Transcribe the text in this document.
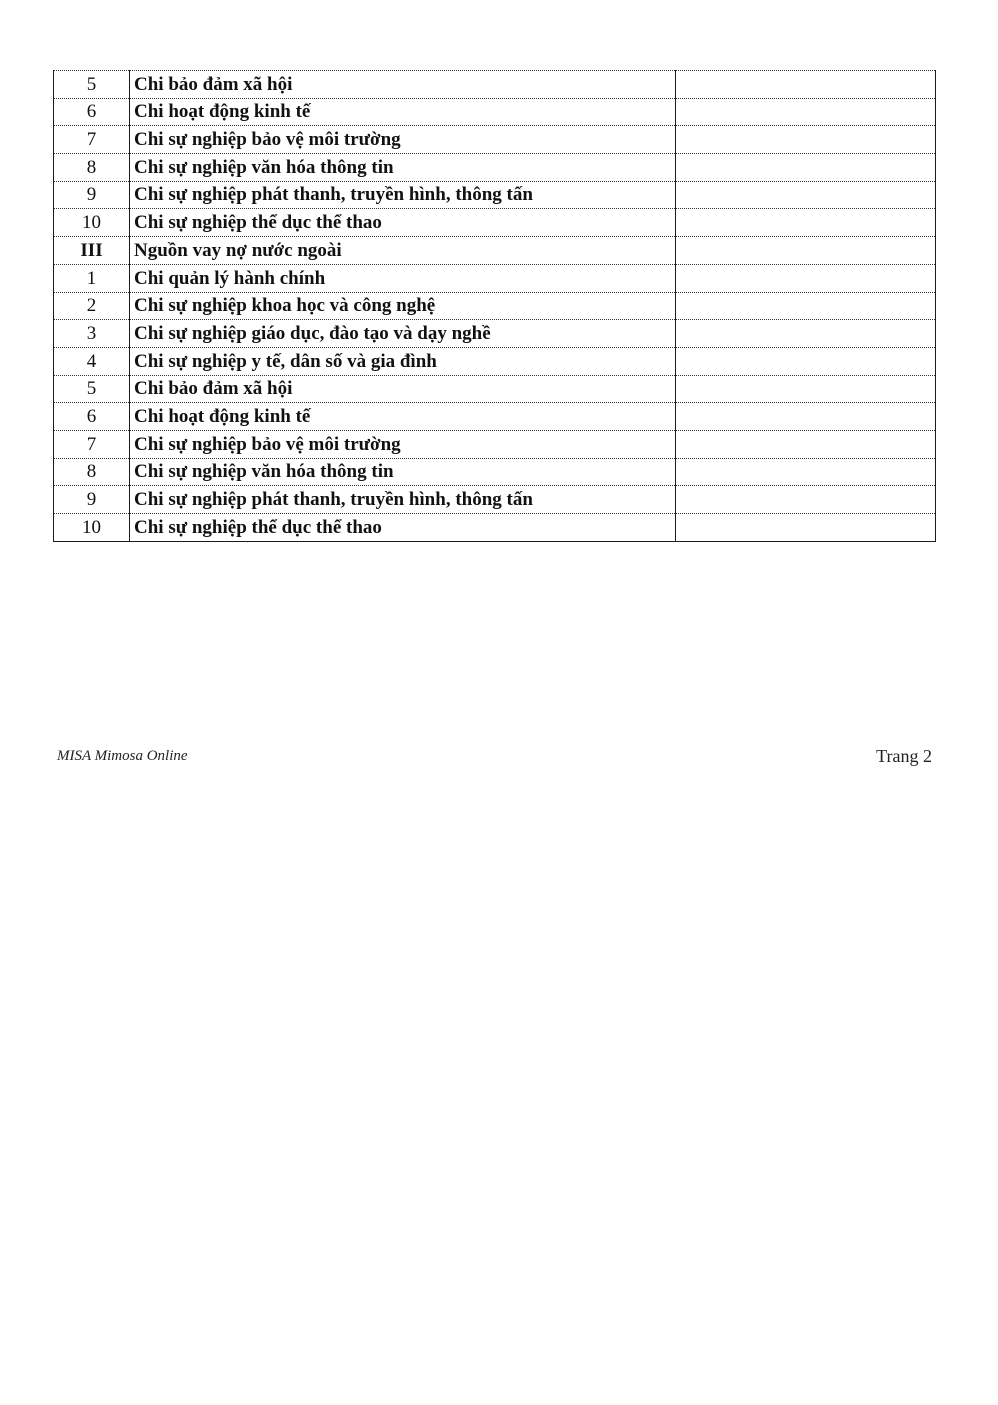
5	Chi bảo đảm xã hội	
6	Chi hoạt động kinh tế	
7	Chi sự nghiệp bảo vệ môi trường	
8	Chi sự nghiệp văn hóa thông tin	
9	Chi sự nghiệp phát thanh, truyền hình, thông tấn	
10	Chi sự nghiệp thể dục thể thao	
III	Nguồn vay nợ nước ngoài	
1	Chi quản lý hành chính	
2	Chi sự nghiệp khoa học và công nghệ	
3	Chi sự nghiệp giáo dục, đào tạo và dạy nghề	
4	Chi sự nghiệp y tế, dân số và gia đình	
5	Chi bảo đảm xã hội	
6	Chi hoạt động kinh tế	
7	Chi sự nghiệp bảo vệ môi trường	
8	Chi sự nghiệp văn hóa thông tin	
9	Chi sự nghiệp phát thanh, truyền hình, thông tấn	
10	Chi sự nghiệp thể dục thể thao	
MISA Mimosa Online	Trang 2
